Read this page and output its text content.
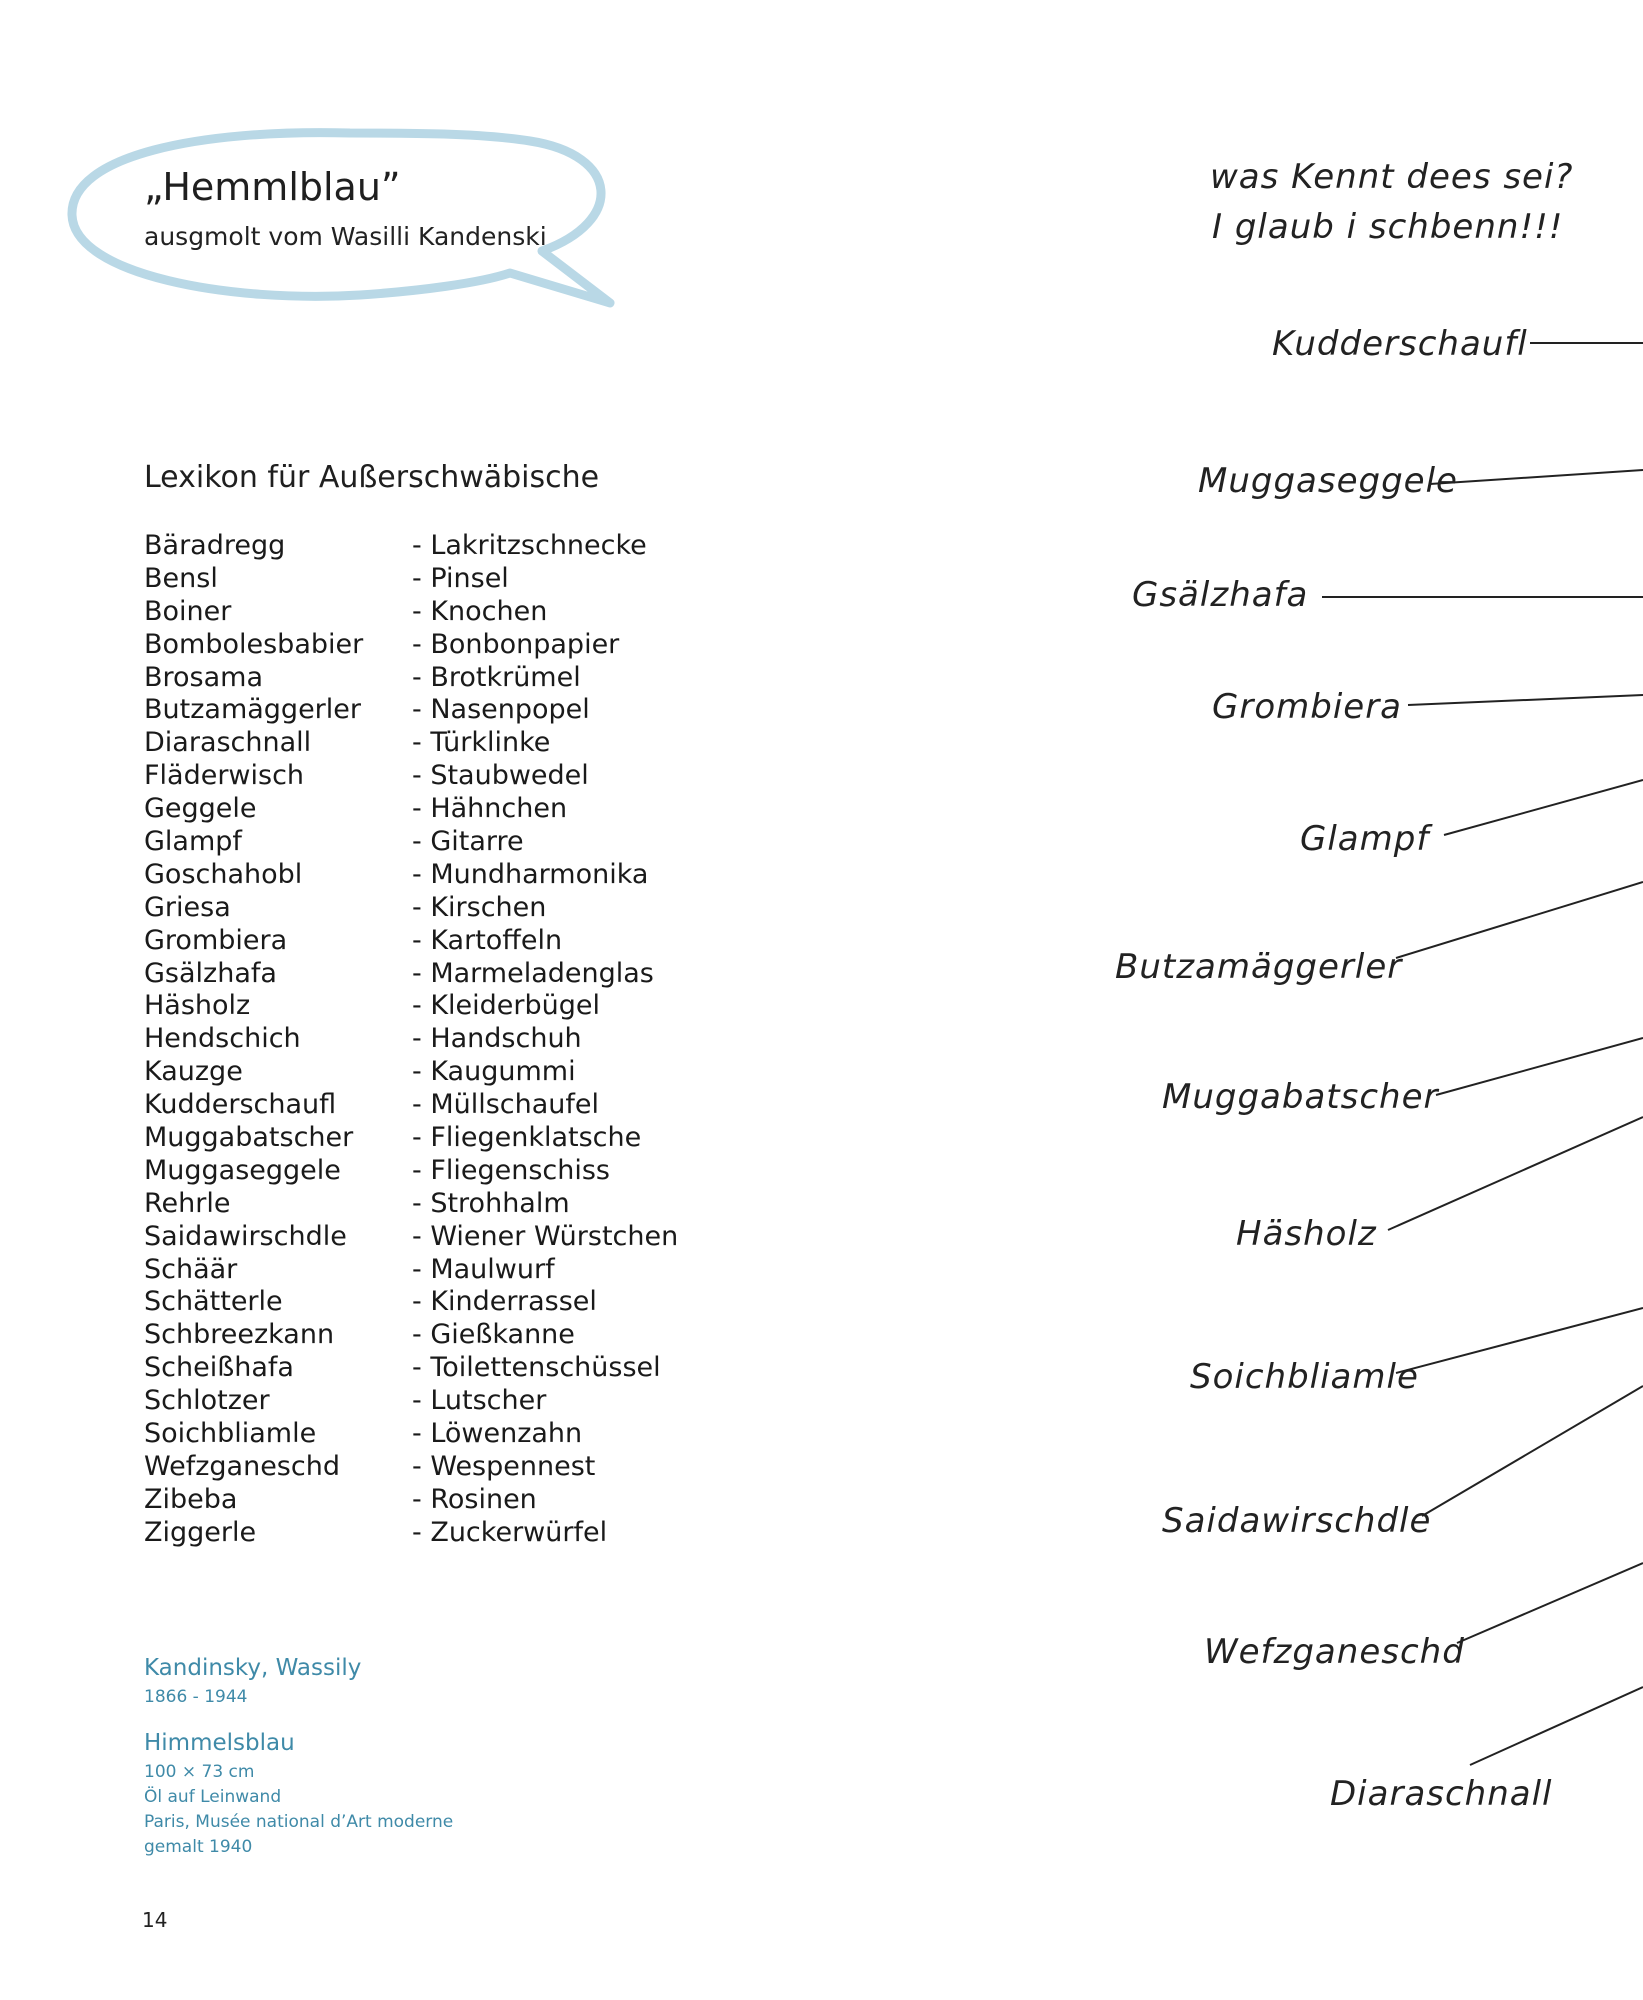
„Hemmlblau”
ausgmolt vom Wasilli Kandenski
Lexikon für Außerschwäbische
Bäradregg
Bensl
Boiner
Bombolesbabier
Brosama
Butzamäggerler
Diaraschnall
Fläderwisch
Geggele
Glampf
Goschahobl
Griesa
Grombiera
Gsälzhafa
Häsholz
Hendschich
Kauzge
Kudderschaufl
Muggabatscher
Muggaseggele
Rehrle
Saidawirschdle
Schäär
Schätterle
Schbreezkann
Scheißhafa
Schlotzer
Soichbliamle
Wefzganeschd
Zibeba
Ziggerle
- Lakritzschnecke
- Pinsel
- Knochen
- Bonbonpapier
- Brotkrümel
- Nasenpopel
- Türklinke
- Staubwedel
- Hähnchen
- Gitarre
- Mundharmonika
- Kirschen
- Kartoffeln
- Marmeladenglas
- Kleiderbügel
- Handschuh
- Kaugummi
- Müllschaufel
- Fliegenklatsche
- Fliegenschiss
- Strohhalm
- Wiener Würstchen
- Maulwurf
- Kinderrassel
- Gießkanne
- Toilettenschüssel
- Lutscher
- Löwenzahn
- Wespennest
- Rosinen
- Zuckerwürfel
Kandinsky, Wassily
1866 - 1944
Himmelsblau
100 × 73 cm
Öl auf Leinwand
Paris, Musée national d’Art moderne
gemalt 1940
14
was Kennt dees sei?
I glaub i schbenn!!!
Kudderschaufl
Muggaseggele
Gsälzhafa
Grombiera
Glampf
Butzamäggerler
Muggabatscher
Häsholz
Soichbliamle
Saidawirschdle
Wefzganeschd
Diaraschnall
